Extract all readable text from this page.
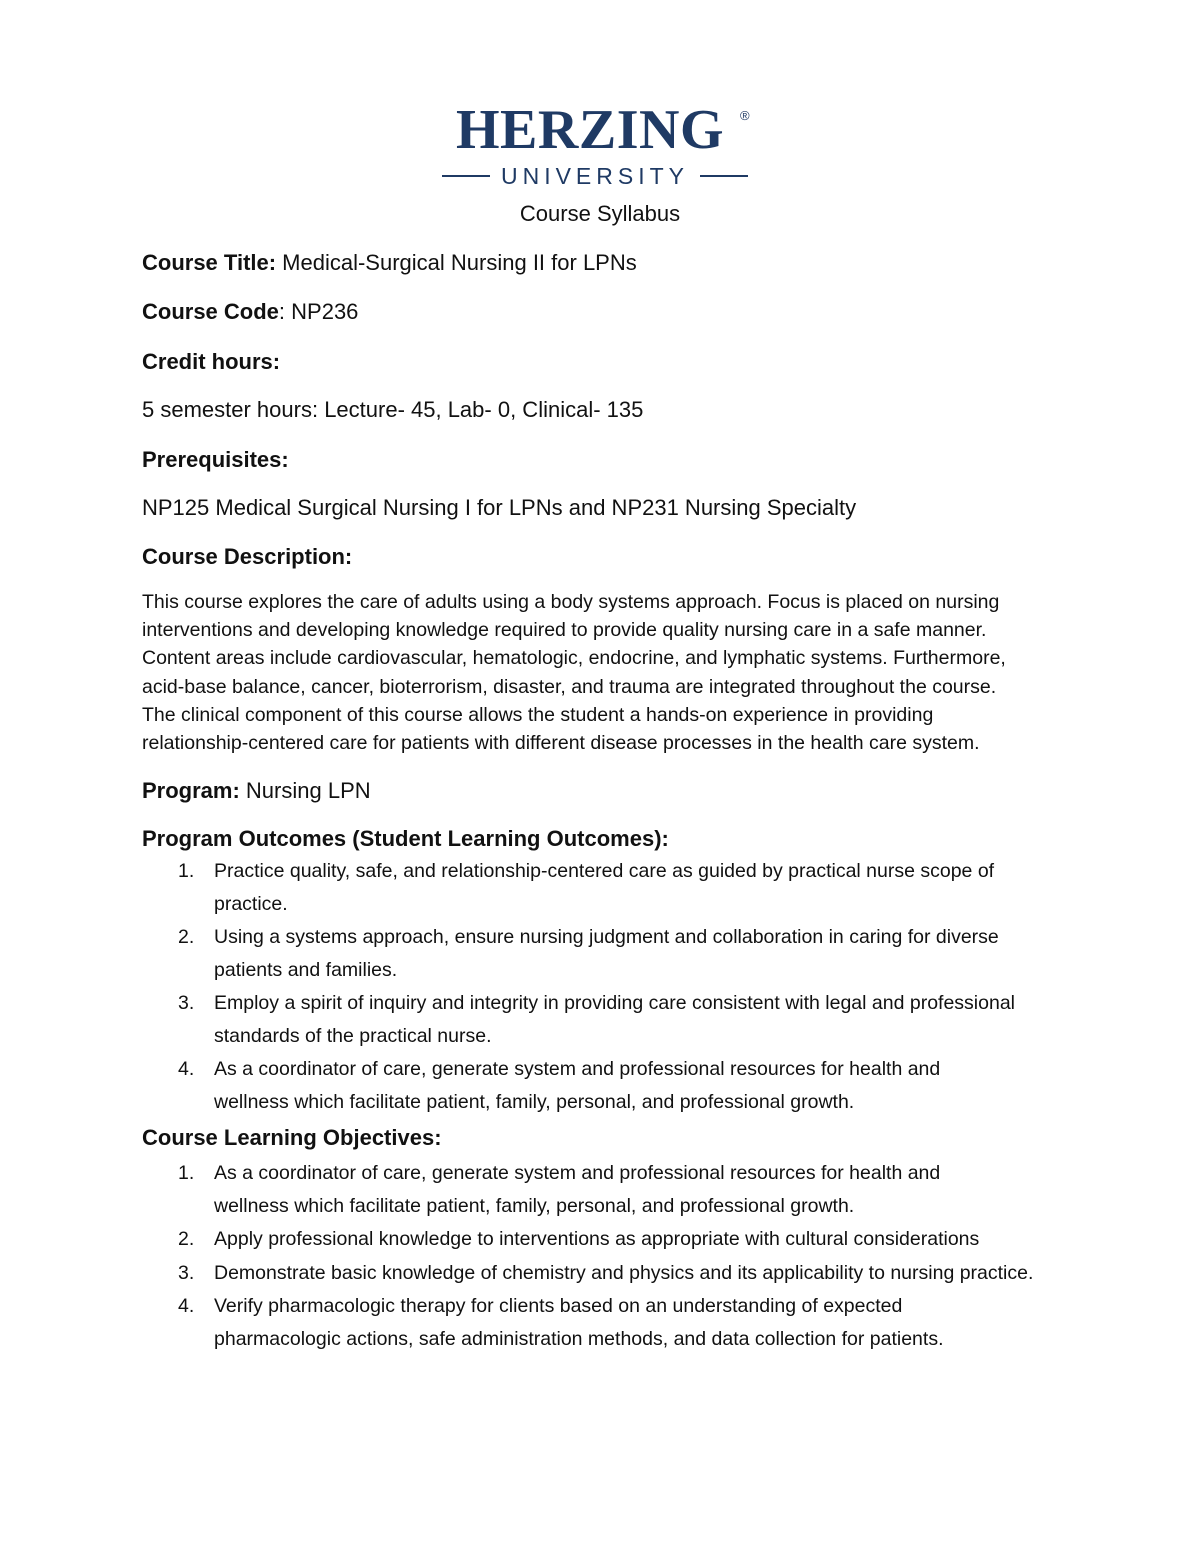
HERZING	®
UNIVERSITY
Course Syllabus
Course Title: Medical-Surgical Nursing II for LPNs
Course Code: NP236
Credit hours:
5 semester hours: Lecture- 45, Lab- 0, Clinical- 135
Prerequisites:
NP125 Medical Surgical Nursing I for LPNs and NP231 Nursing Specialty
Course Description:
This course explores the care of adults using a body systems approach. Focus is placed on nursing
interventions and developing knowledge required to provide quality nursing care in a safe manner.
Content areas include cardiovascular, hematologic, endocrine, and lymphatic systems. Furthermore,
acid-base balance, cancer, bioterrorism, disaster, and trauma are integrated throughout the course.
The clinical component of this course allows the student a hands-on experience in providing
relationship-centered care for patients with different disease processes in the health care system.
Program: Nursing LPN
Program Outcomes (Student Learning Outcomes):
1. Practice quality, safe, and relationship-centered care as guided by practical nurse scope of
practice.
2. Using a systems approach, ensure nursing judgment and collaboration in caring for diverse
patients and families.
3. Employ a spirit of inquiry and integrity in providing care consistent with legal and professional
standards of the practical nurse.
4. As a coordinator of care, generate system and professional resources for health and
wellness which facilitate patient, family, personal, and professional growth.
Course Learning Objectives:
1. As a coordinator of care, generate system and professional resources for health and
wellness which facilitate patient, family, personal, and professional growth.
2. Apply professional knowledge to interventions as appropriate with cultural considerations
3. Demonstrate basic knowledge of chemistry and physics and its applicability to nursing practice.
4. Verify pharmacologic therapy for clients based on an understanding of expected
pharmacologic actions, safe administration methods, and data collection for patients.
